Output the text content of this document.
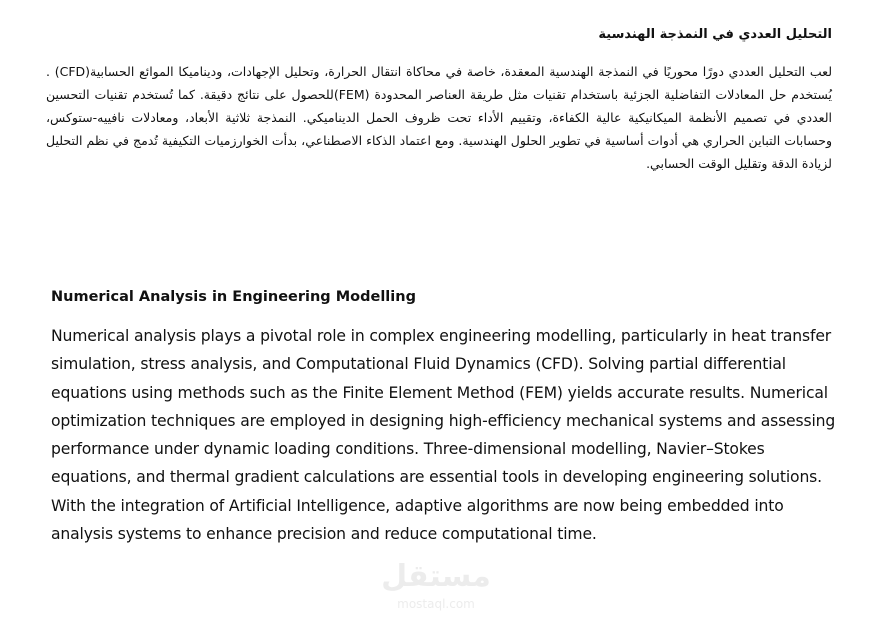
التحليل العددي في النمذجة الهندسية

لعب التحليل العددي دورًا محوريًا في النمذجة الهندسية المعقدة، خاصة في محاكاة انتقال الحرارة، وتحليل الإجهادات، وديناميكا الموائع الحسابية(CFD) . يُستخدم حل المعادلات التفاضلية الجزئية باستخدام تقنيات مثل طريقة العناصر المحدودة (FEM)للحصول على نتائج دقيقة. كما تُستخدم تقنيات التحسين العددي في تصميم الأنظمة الميكانيكية عالية الكفاءة، وتقييم الأداء تحت ظروف الحمل الديناميكي. النمذجة ثلاثية الأبعاد، ومعادلات نافييه-ستوكس، وحسابات التباين الحراري هي أدوات أساسية في تطوير الحلول الهندسية. ومع اعتماد الذكاء الاصطناعي، بدأت الخوارزميات التكيفية تُدمج في نظم التحليل لزيادة الدقة وتقليل الوقت الحسابي.

Numerical Analysis in Engineering Modelling

Numerical analysis plays a pivotal role in complex engineering modelling, particularly in heat transfer simulation, stress analysis, and Computational Fluid Dynamics (CFD). Solving partial differential equations using methods such as the Finite Element Method (FEM) yields accurate results. Numerical optimization techniques are employed in designing high-efficiency mechanical systems and assessing performance under dynamic loading conditions. Three-dimensional modelling, Navier–Stokes equations, and thermal gradient calculations are essential tools in developing engineering solutions. With the integration of Artificial Intelligence, adaptive algorithms are now being embedded into analysis systems to enhance precision and reduce computational time.

مستقل
mostaql.com
